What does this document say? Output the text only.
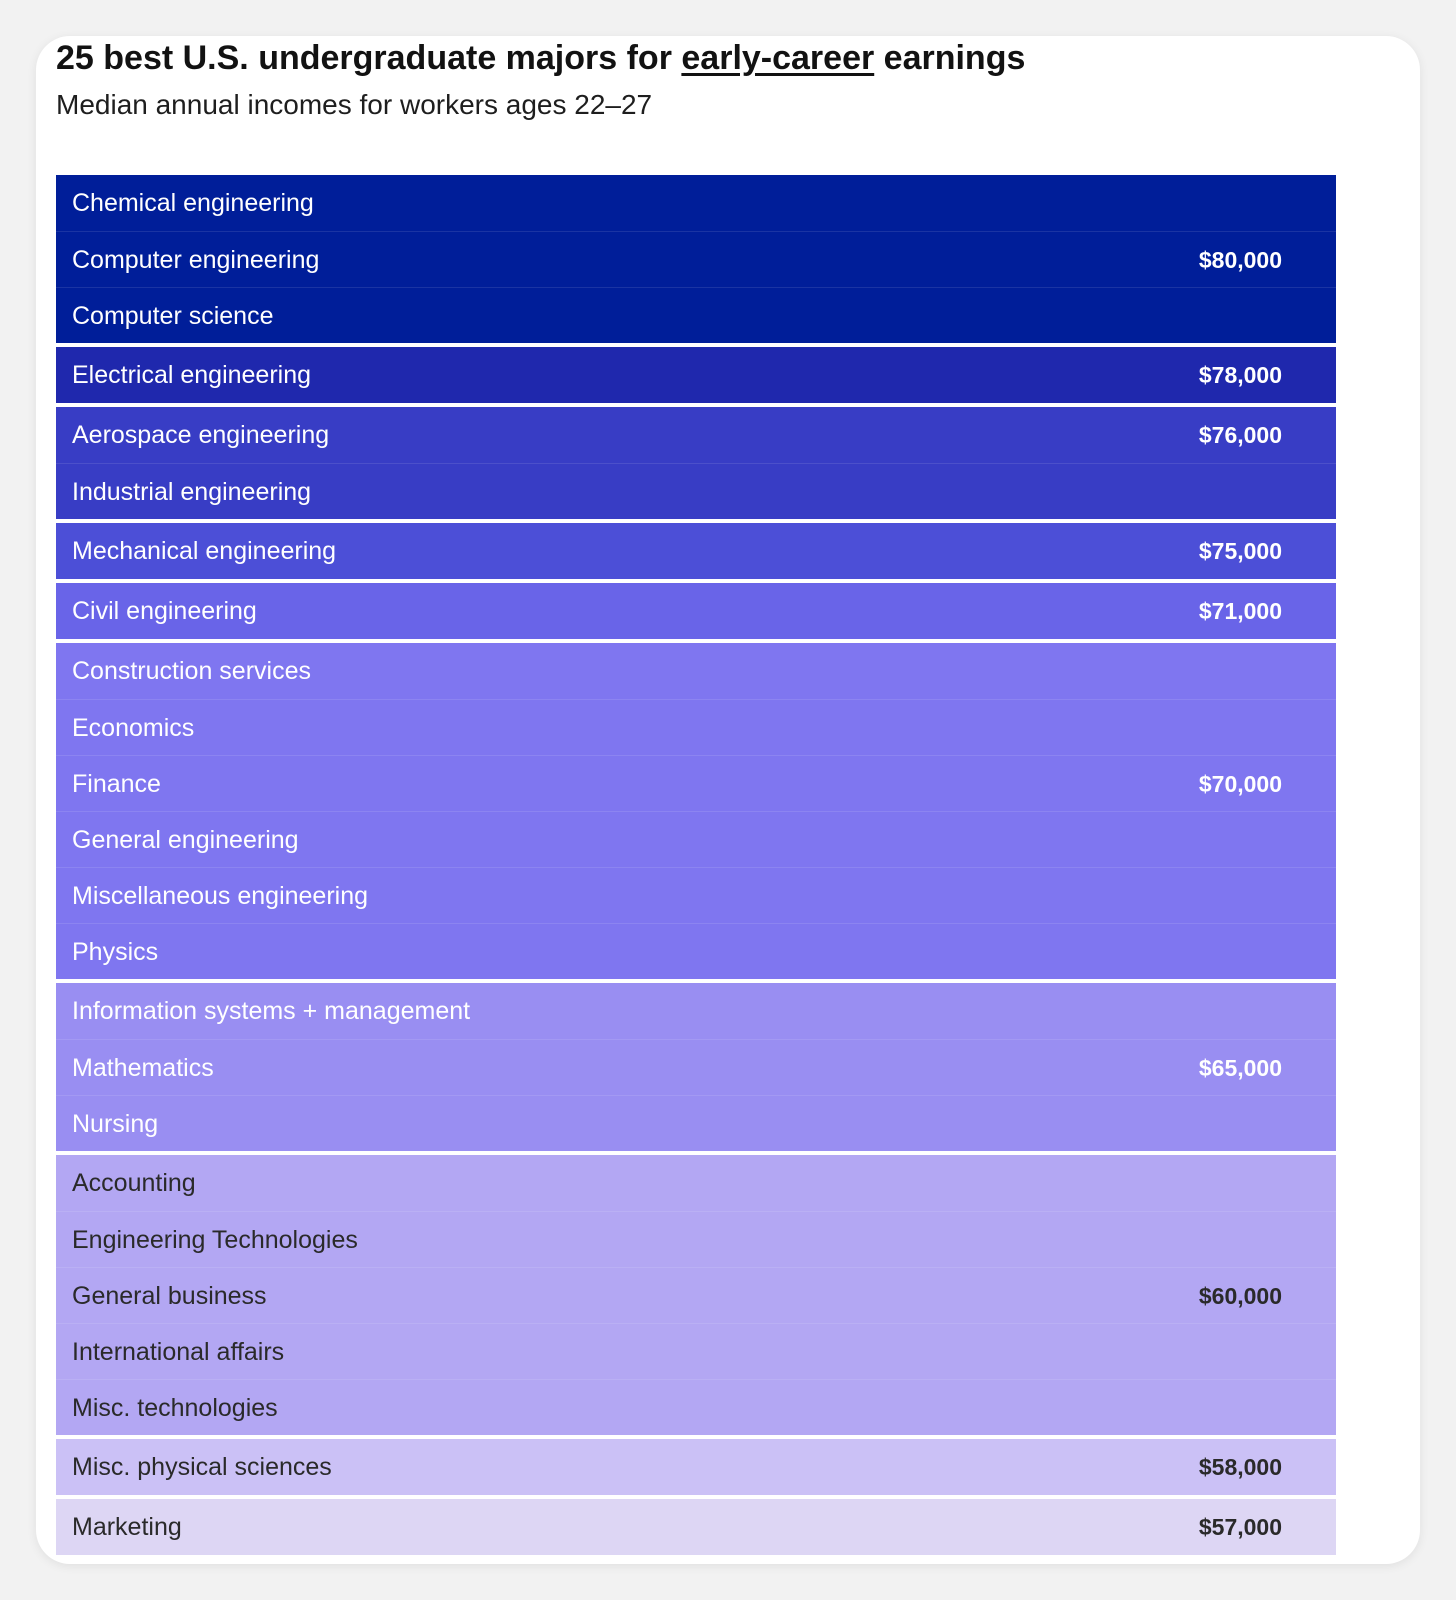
25 best U.S. undergraduate majors for early-career earnings

Median annual incomes for workers ages 22–27

Chemical engineering
Computer engineering	$80,000
Computer science
Electrical engineering	$78,000
Aerospace engineering	$76,000
Industrial engineering
Mechanical engineering	$75,000
Civil engineering	$71,000
Construction services
Economics
Finance	$70,000
General engineering
Miscellaneous engineering
Physics
Information systems + management
Mathematics	$65,000
Nursing
Accounting
Engineering Technologies
General business	$60,000
International affairs
Misc. technologies
Misc. physical sciences	$58,000
Marketing	$57,000
